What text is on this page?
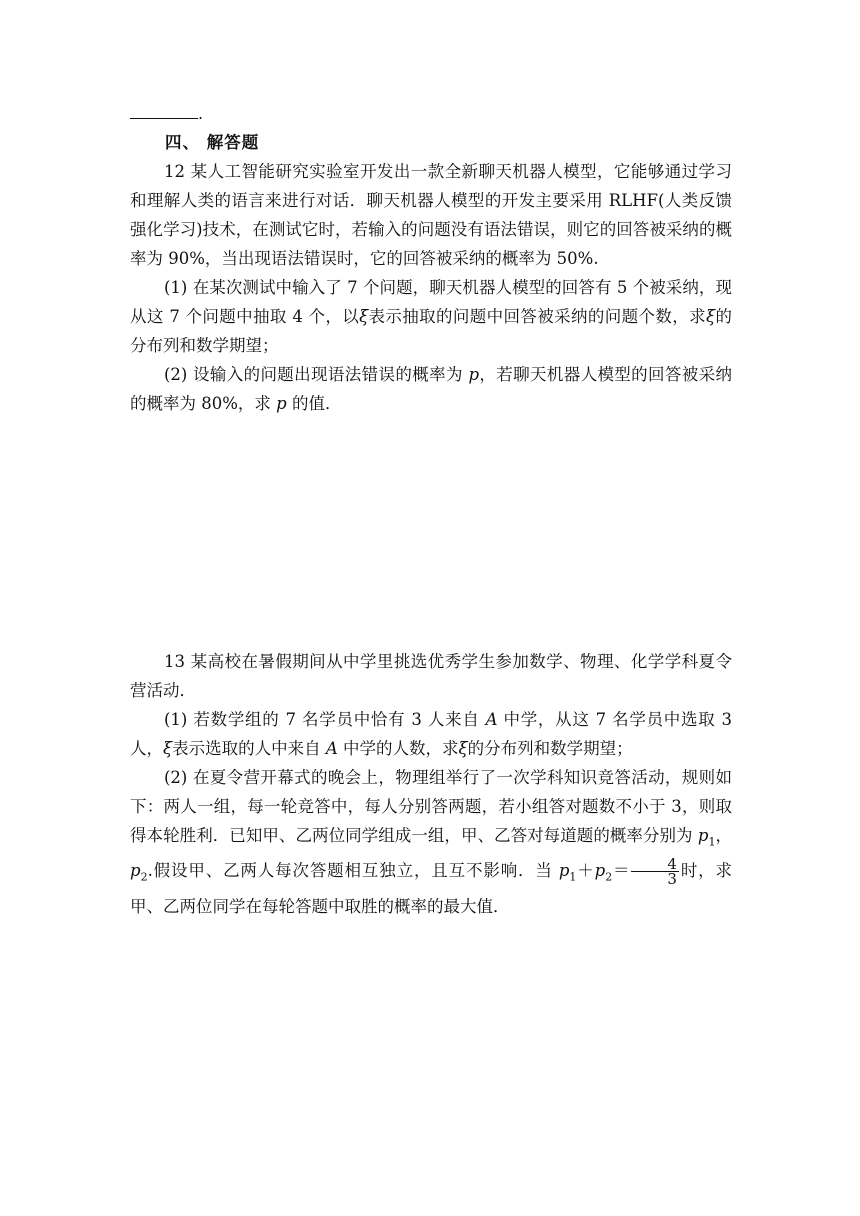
.
四、 解答题

12 某人工智能研究实验室开发出一款全新聊天机器人模型，它能够通过学习和理解人类的语言来进行对话．聊天机器人模型的开发主要采用 RLHF(人类反馈强化学习)技术，在测试它时，若输入的问题没有语法错误，则它的回答被采纳的概率为 90%，当出现语法错误时，它的回答被采纳的概率为 50%.

(1) 在某次测试中输入了 7 个问题，聊天机器人模型的回答有 5 个被采纳，现从这 7 个问题中抽取 4 个，以ξ表示抽取的问题中回答被采纳的问题个数，求ξ的分布列和数学期望；

(2) 设输入的问题出现语法错误的概率为 p，若聊天机器人模型的回答被采纳的概率为 80%，求 p 的值．

13 某高校在暑假期间从中学里挑选优秀学生参加数学、物理、化学学科夏令营活动．

(1) 若数学组的 7 名学员中恰有 3 人来自 A 中学，从这 7 名学员中选取 3 人，ξ表示选取的人中来自 A 中学的人数，求ξ的分布列和数学期望；

(2) 在夏令营开幕式的晚会上，物理组举行了一次学科知识竞答活动，规则如下：两人一组，每一轮竞答中，每人分别答两题，若小组答对题数不小于 3，则取得本轮胜利．已知甲、乙两位同学组成一组，甲、乙答对每道题的概率分别为 $p_1$，$p_2$.假设甲、乙两人每次答题相互独立，且互不影响．当 $p_1+p_2= \frac{4}{3}$ 时，求甲、乙两位同学在每轮答题中取胜的概率的最大值．
